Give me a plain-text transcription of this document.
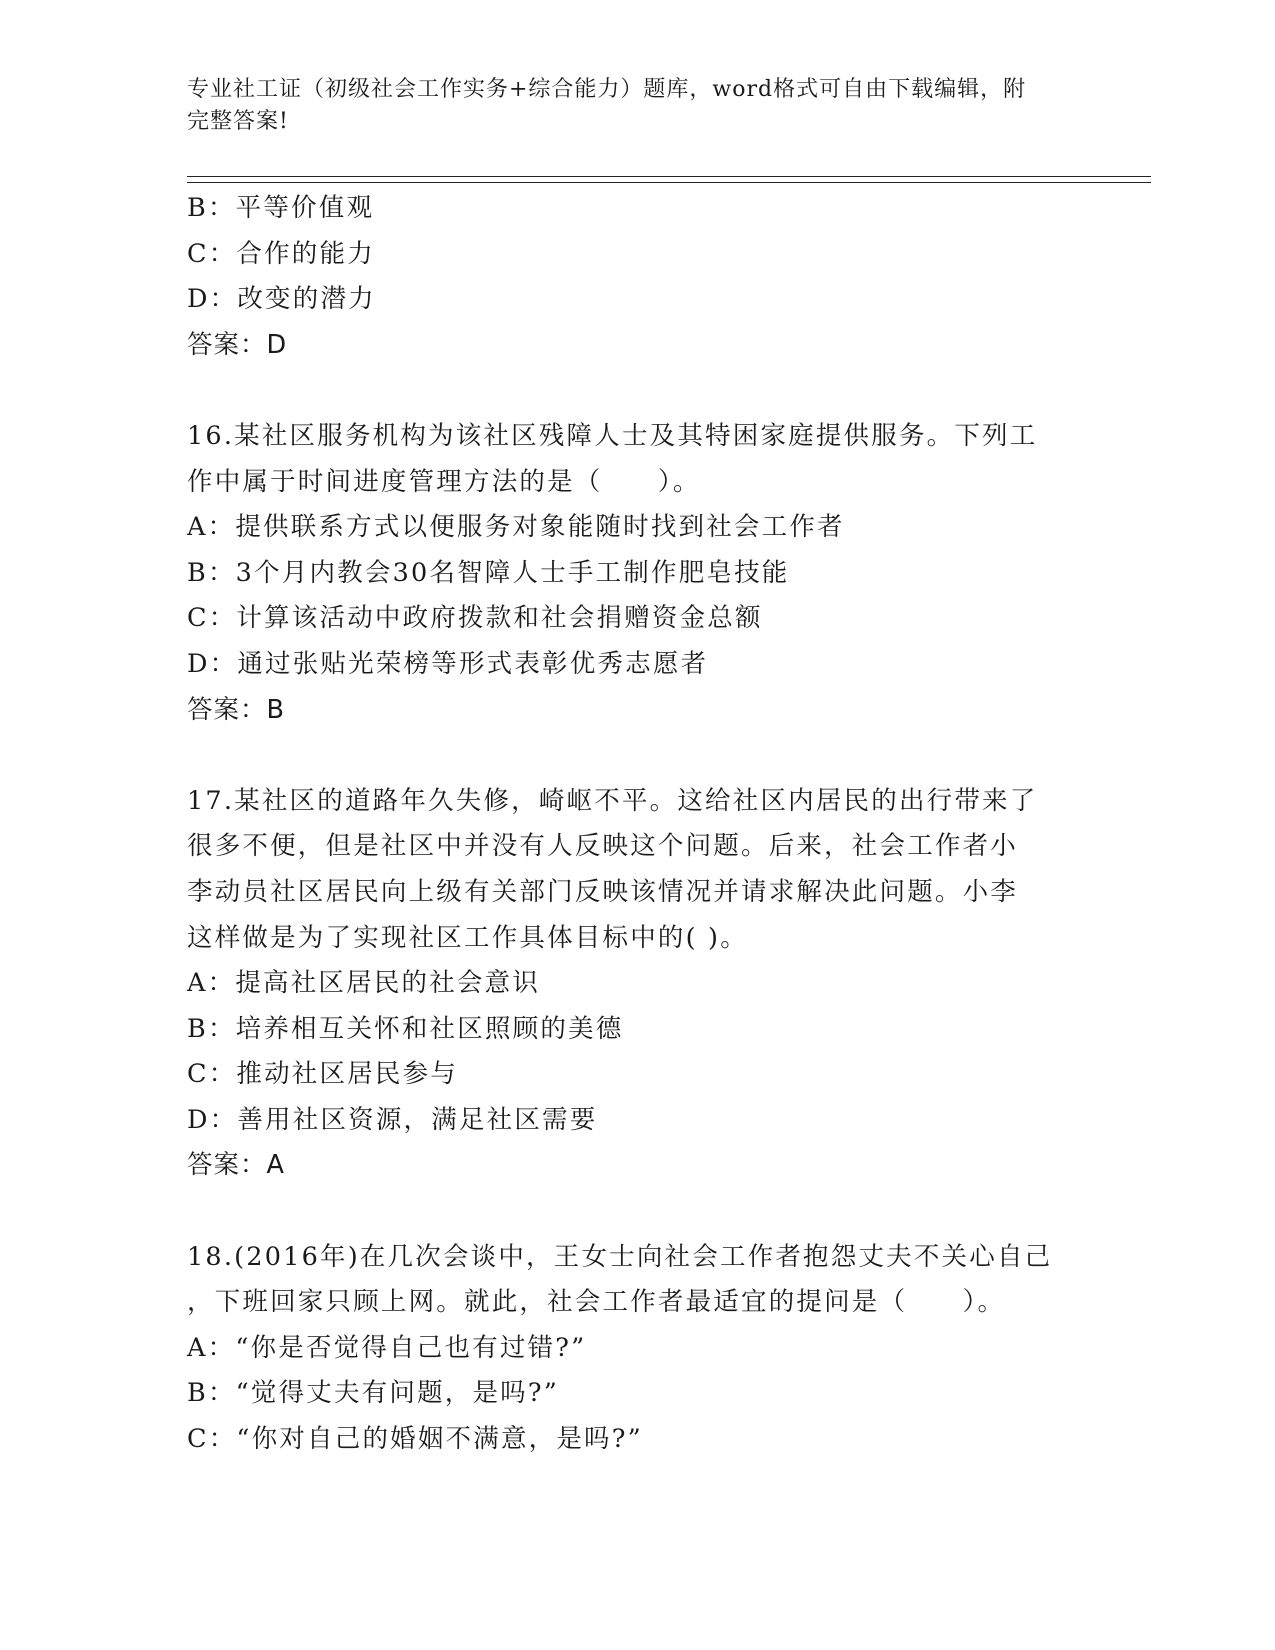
专业社工证（初级社会工作实务+综合能力）题库，word格式可自由下载编辑，附
完整答案!
B：平等价值观
C：合作的能力
D：改变的潜力
答案：D
16.某社区服务机构为该社区残障人士及其特困家庭提供服务。下列工
作中属于时间进度管理方法的是（　　）。
A：提供联系方式以便服务对象能随时找到社会工作者
B：3个月内教会30名智障人士手工制作肥皂技能
C：计算该活动中政府拨款和社会捐赠资金总额
D：通过张贴光荣榜等形式表彰优秀志愿者
答案：B
17.某社区的道路年久失修，崎岖不平。这给社区内居民的出行带来了
很多不便，但是社区中并没有人反映这个问题。后来，社会工作者小
李动员社区居民向上级有关部门反映该情况并请求解决此问题。小李
这样做是为了实现社区工作具体目标中的( )。
A：提高社区居民的社会意识
B：培养相互关怀和社区照顾的美德
C：推动社区居民参与
D：善用社区资源，满足社区需要
答案：A
18.(2016年)在几次会谈中，王女士向社会工作者抱怨丈夫不关心自己
，下班回家只顾上网。就此，社会工作者最适宜的提问是（　　）。
A：“你是否觉得自己也有过错?”
B：“觉得丈夫有问题，是吗?”
C：“你对自己的婚姻不满意，是吗?”
